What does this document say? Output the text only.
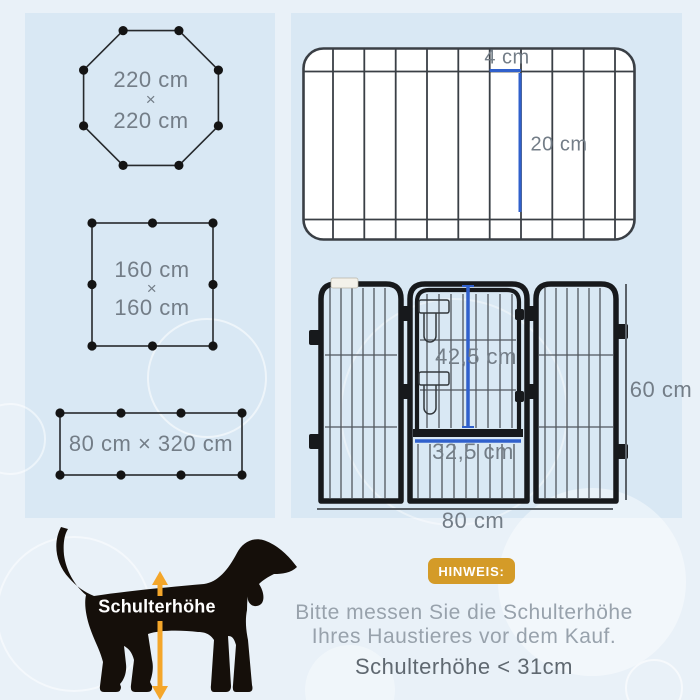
220 cm
×
220 cm
160 cm
×
160 cm
80 cm × 320 cm
4 cm
20 cm
42,5 cm
32,5 cm
60 cm
80 cm
Schulterhöhe
HINWEIS:
Bitte messen Sie die Schulterhöhe
Ihres Haustieres vor dem Kauf.
Schulterhöhe < 31cm
